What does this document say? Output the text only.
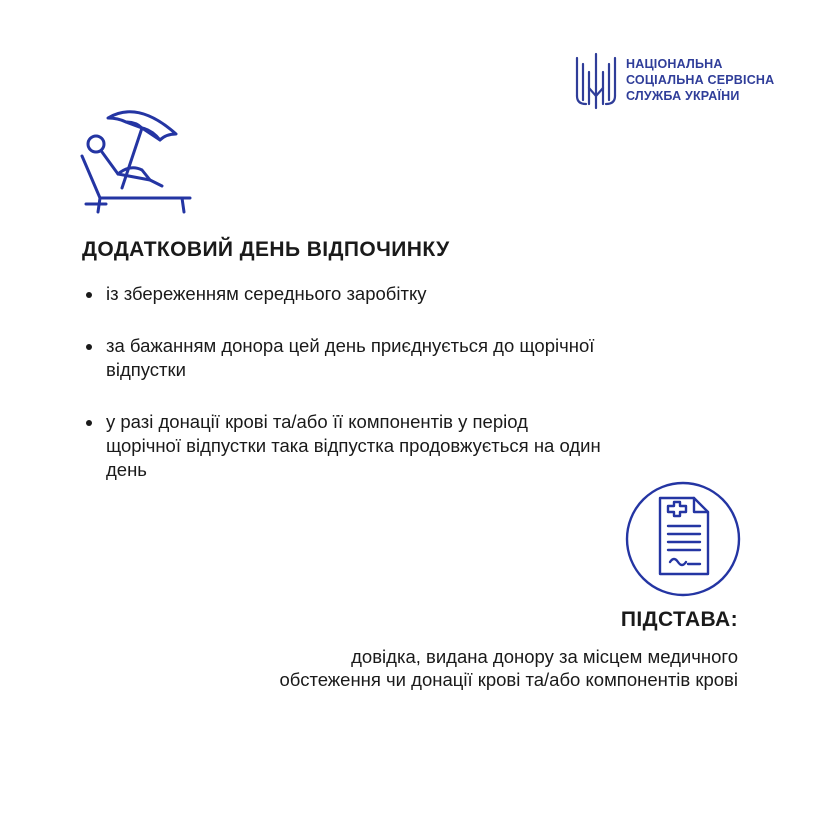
НАЦІОНАЛЬНА
СОЦІАЛЬНА СЕРВІСНА
СЛУЖБА УКРАЇНИ
ДОДАТКОВИЙ ДЕНЬ ВІДПОЧИНКУ
із збереженням середнього заробітку
за бажанням донора цей день приєднується до щорічної відпустки
у разі донації крові та/або її компонентів у період щорічної відпустки така відпустка продовжується на один день
ПІДСТАВА:

довідка, видана донору за місцем медичного обстеження чи донації крові та/або компонентів крові
